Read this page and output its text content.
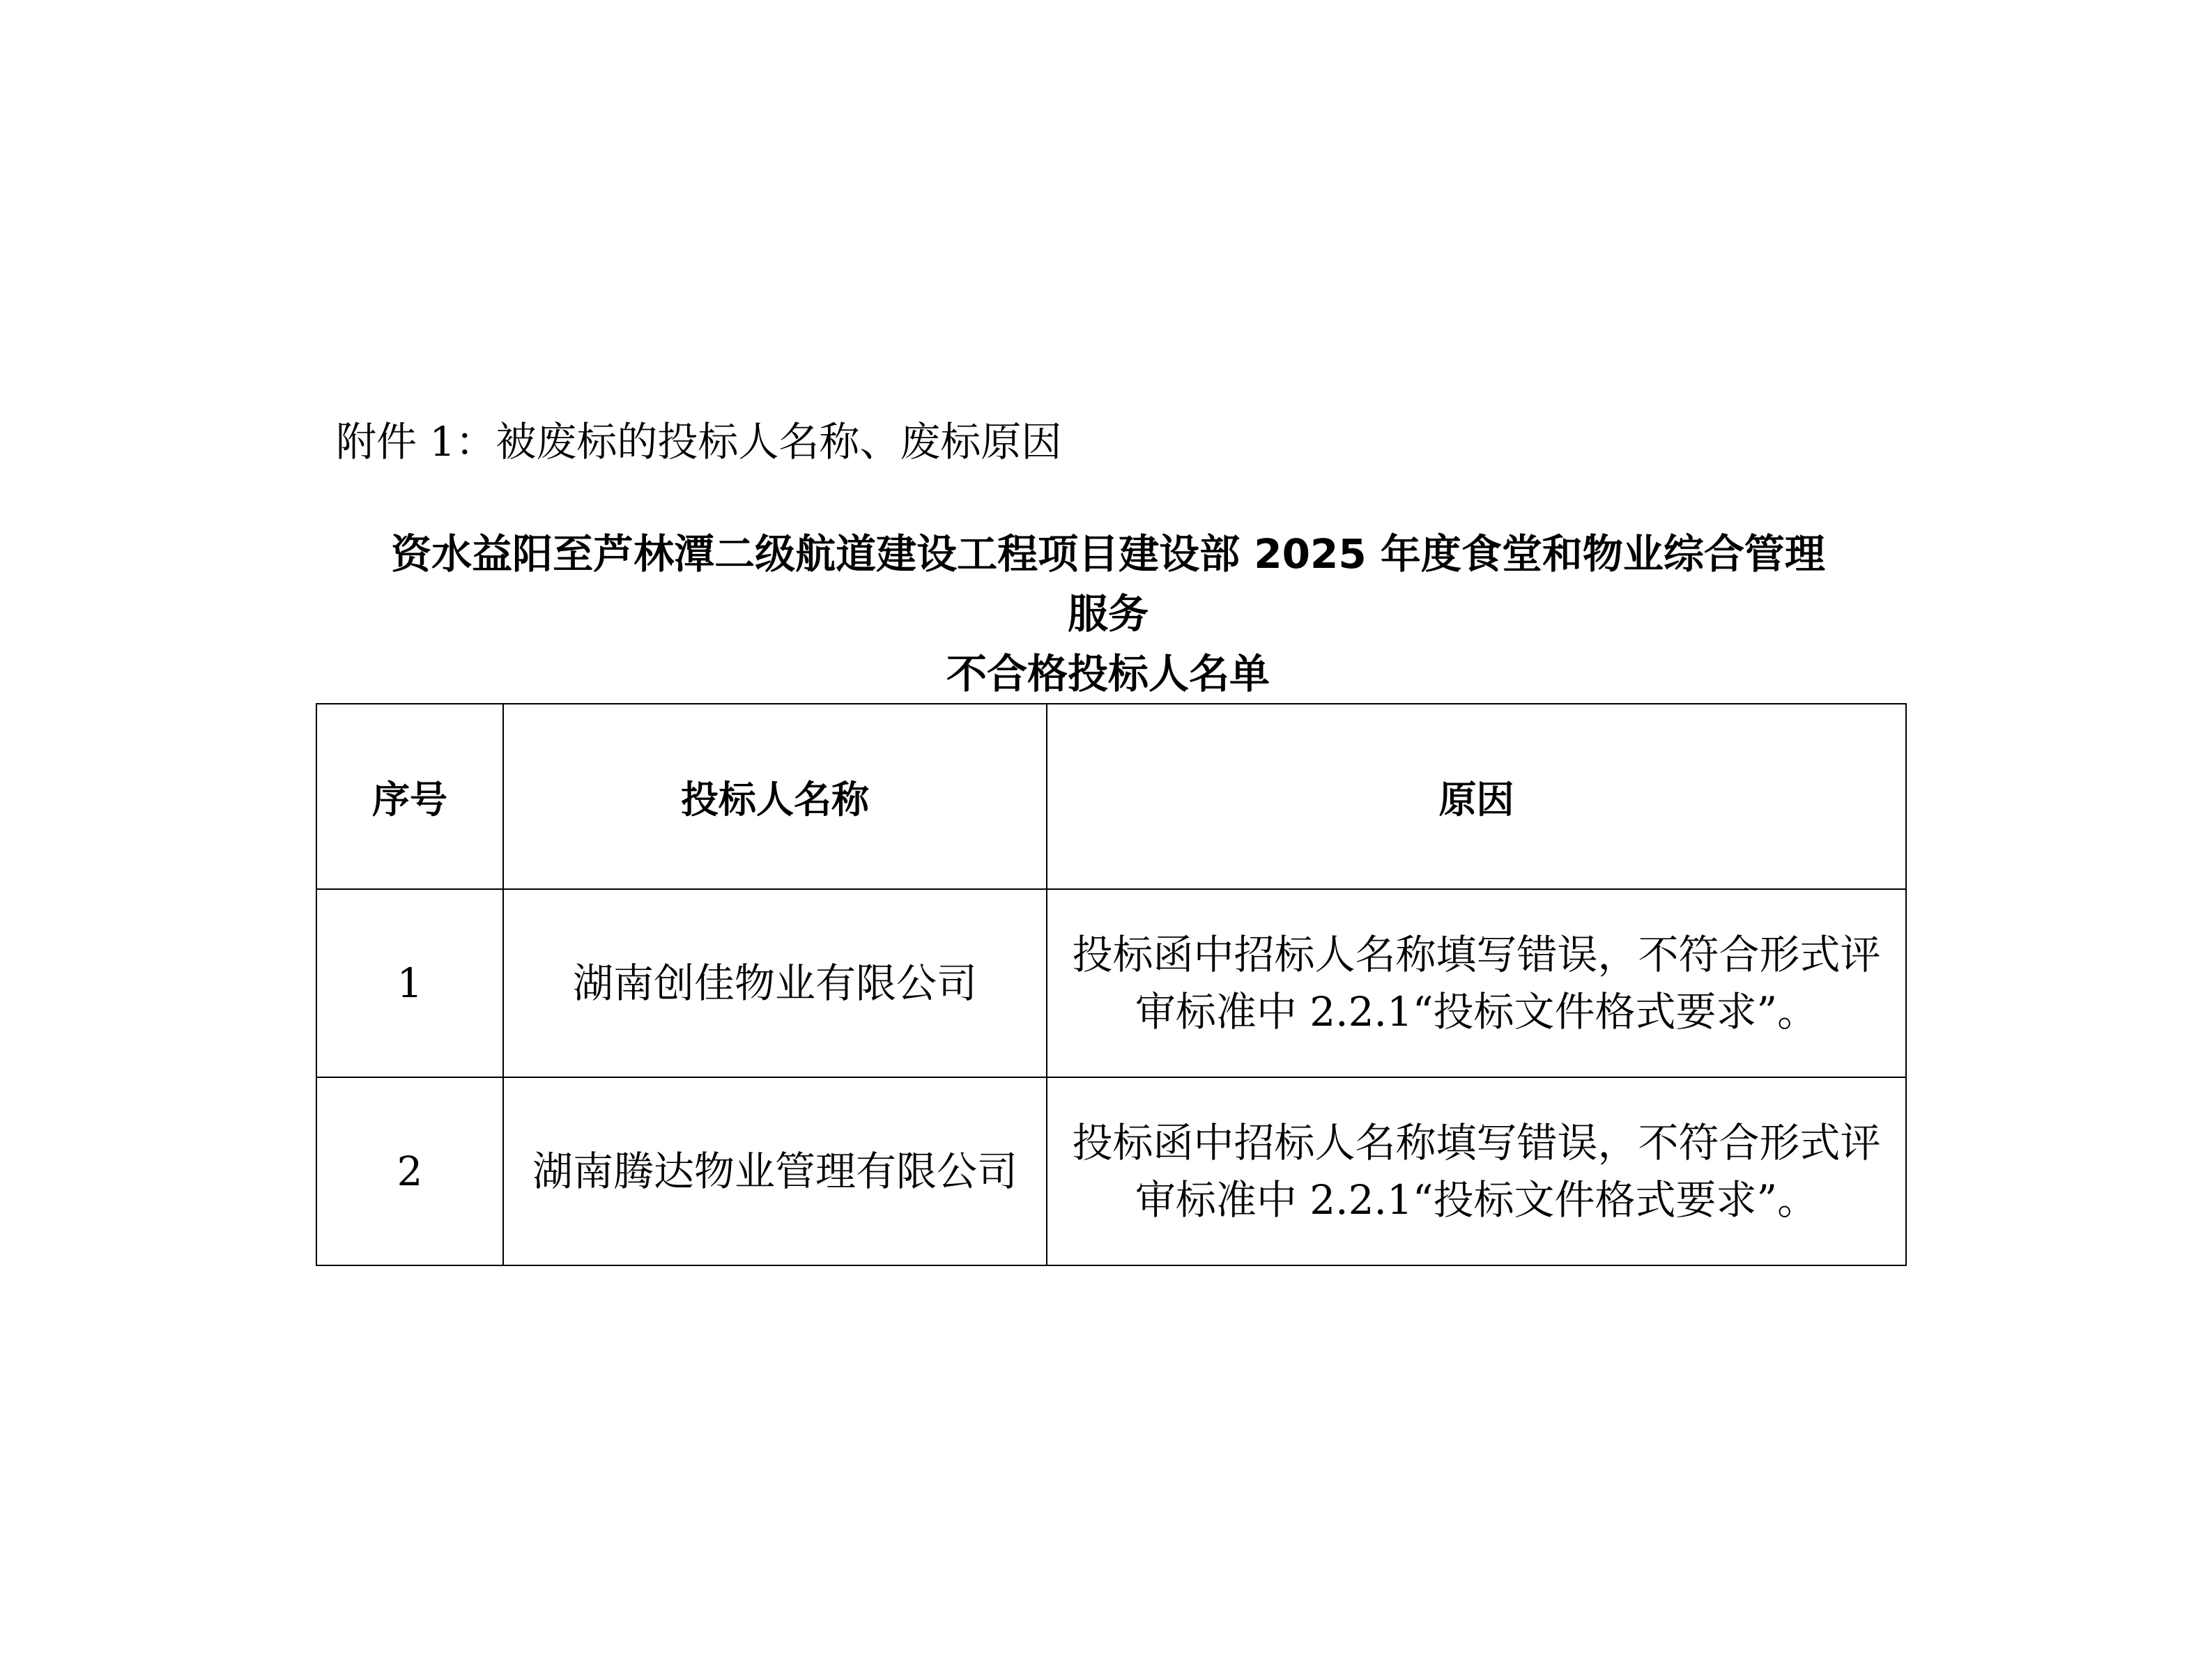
附件 1：被废标的投标人名称、废标原因
资水益阳至芦林潭二级航道建设工程项目建设部 2025 年度食堂和物业综合管理
服务
不合格投标人名单
序号	投标人名称	原因
1	湖南创佳物业有限公司	投标函中招标人名称填写错误，不符合形式评审标准中 2.2.1“投标文件格式要求”。
2	湖南腾达物业管理有限公司	投标函中招标人名称填写错误，不符合形式评审标准中 2.2.1“投标文件格式要求”。
